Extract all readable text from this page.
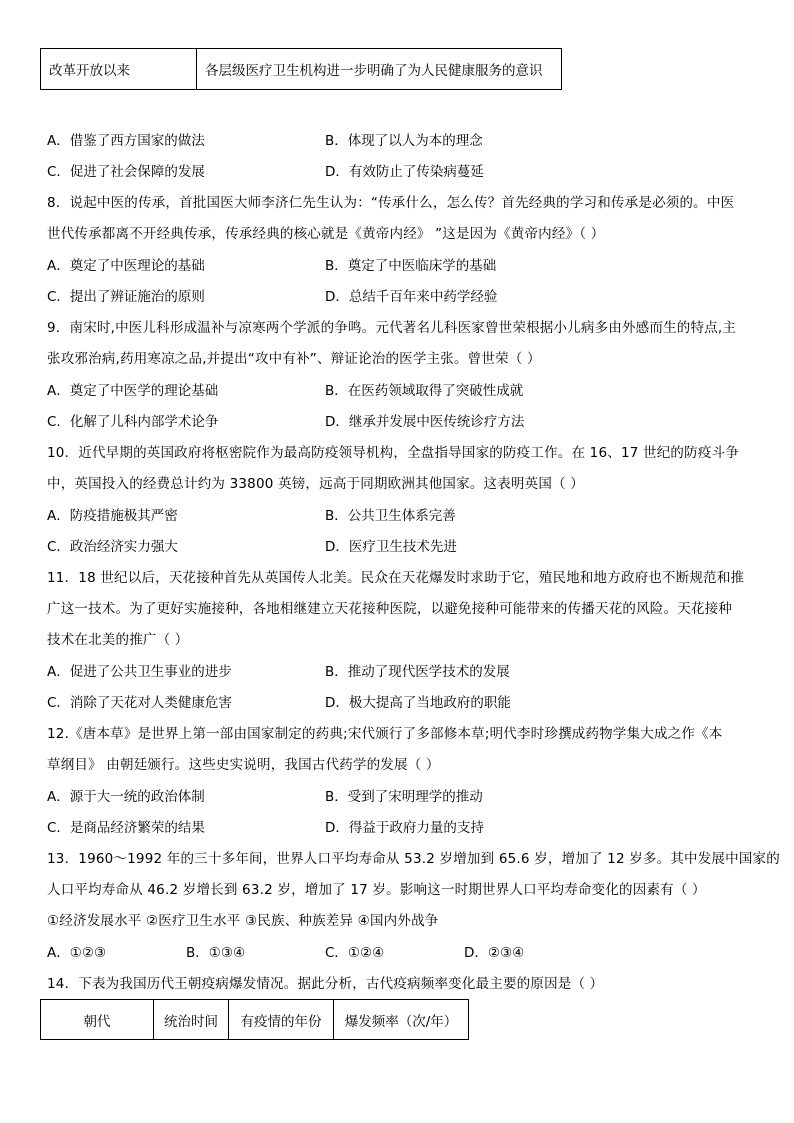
改革开放以来	各层级医疗卫生机构进一步明确了为人民健康服务的意识
A．借鉴了西方国家的做法	B．体现了以人为本的理念
C．促进了社会保障的发展	D．有效防止了传染病蔓延
8．说起中医的传承，首批国医大师李济仁先生认为：“传承什么，怎么传？首先经典的学习和传承是必须的。中医
世代传承都离不开经典传承，传承经典的核心就是《黄帝内经》 ”这是因为《黄帝内经》（ ）
A．奠定了中医理论的基础	B．奠定了中医临床学的基础
C．提出了辨证施治的原则	D．总结千百年来中药学经验
9．南宋时,中医儿科形成温补与凉寒两个学派的争鸣。元代著名儿科医家曾世荣根据小儿病多由外感而生的特点,主
张攻邪治病,药用寒凉之品,并提出“攻中有补”、辩证论治的医学主张。曾世荣（ ）
A．奠定了中医学的理论基础	B．在医药领域取得了突破性成就
C．化解了儿科内部学术论争	D．继承并发展中医传统诊疗方法
10．近代早期的英国政府将枢密院作为最高防疫领导机构，全盘指导国家的防疫工作。在 16、17 世纪的防疫斗争
中，英国投入的经费总计约为 33800 英镑，远高于同期欧洲其他国家。这表明英国（ ）
A．防疫措施极其严密	B．公共卫生体系完善
C．政治经济实力强大	D．医疗卫生技术先进
11．18 世纪以后，天花接种首先从英国传人北美。民众在天花爆发时求助于它，殖民地和地方政府也不断规范和推
广这一技术。为了更好实施接种，各地相继建立天花接种医院，以避免接种可能带来的传播天花的风险。天花接种
技术在北美的推广（ ）
A．促进了公共卫生事业的进步	B．推动了现代医学技术的发展
C．消除了天花对人类健康危害	D．极大提高了当地政府的职能
12.《唐本草》是世界上第一部由国家制定的药典;宋代颁行了多部修本草;明代李时珍撰成药物学集大成之作《本
草纲目》 由朝廷颁行。这些史实说明，我国古代药学的发展（ ）
A．源于大一统的政治体制	B．受到了宋明理学的推动
C．是商品经济繁荣的结果	D．得益于政府力量的支持
13．1960～1992 年的三十多年间，世界人口平均寿命从 53.2 岁增加到 65.6 岁，增加了 12 岁多。其中发展中国家的
人口平均寿命从 46.2 岁增长到 63.2 岁，增加了 17 岁。影响这一时期世界人口平均寿命变化的因素有（ ）
①经济发展水平 ②医疗卫生水平 ③民族、种族差异 ④国内外战争
A．①②③	B．①③④	C．①②④	D．②③④
14．下表为我国历代王朝疫病爆发情况。据此分析，古代疫病频率变化最主要的原因是（ ）
朝代	统治时间	有疫情的年份	爆发频率（次/年）
